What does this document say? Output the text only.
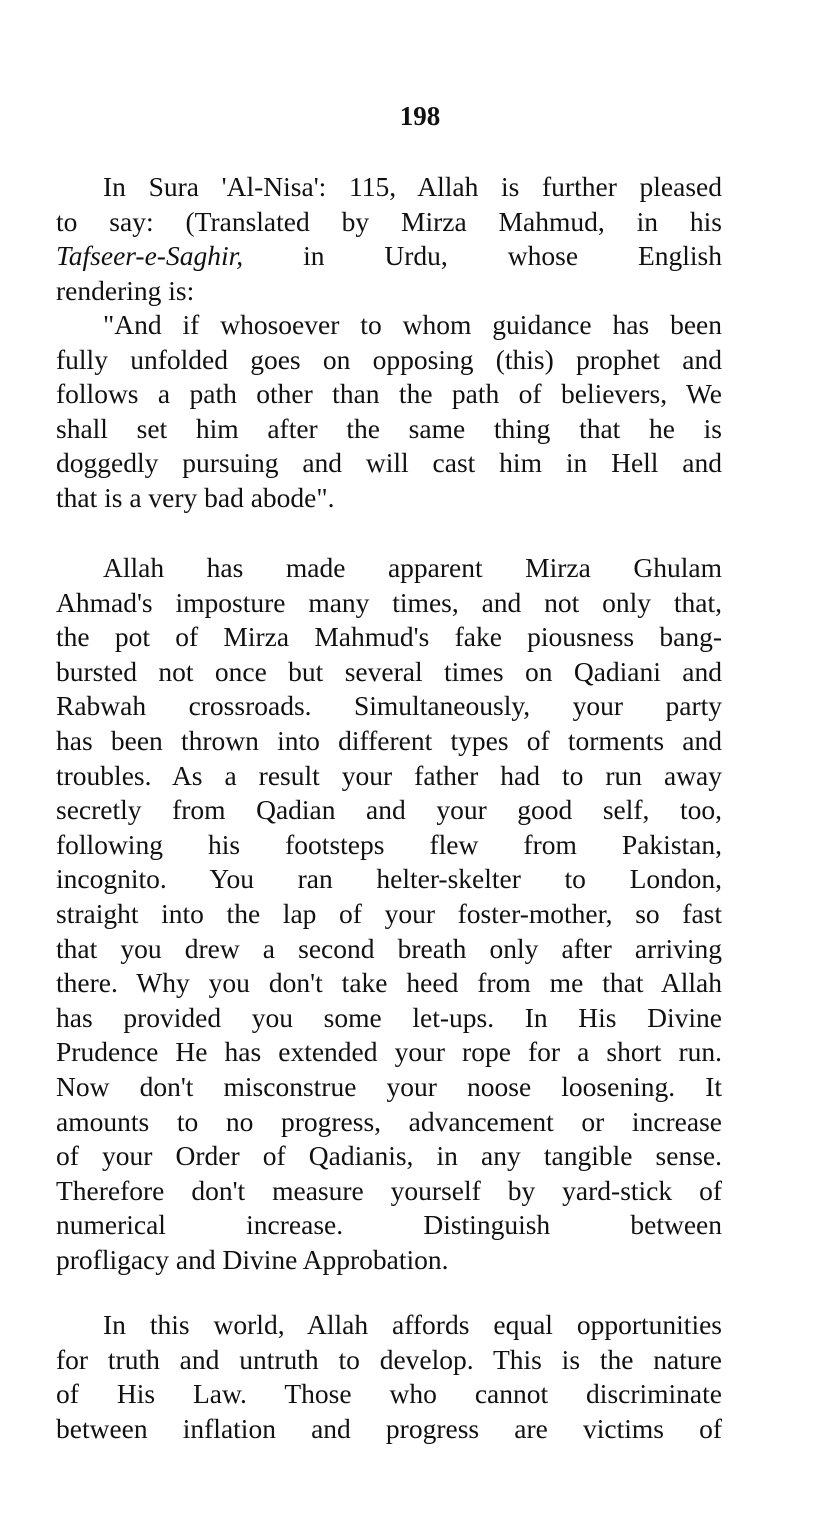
198
In Sura 'Al-Nisa': 115, Allah is further pleased
to say: (Translated by Mirza Mahmud, in his
Tafseer-e-Saghir, in Urdu, whose English
rendering is:
"And if whosoever to whom guidance has been
fully unfolded goes on opposing (this) prophet and
follows a path other than the path of believers, We
shall set him after the same thing that he is
doggedly pursuing and will cast him in Hell and
that is a very bad abode".
Allah has made apparent Mirza Ghulam
Ahmad's imposture many times, and not only that,
the pot of Mirza Mahmud's fake piousness bang-
bursted not once but several times on Qadiani and
Rabwah crossroads. Simultaneously, your party
has been thrown into different types of torments and
troubles. As a result your father had to run away
secretly from Qadian and your good self, too,
following his footsteps flew from Pakistan,
incognito. You ran helter-skelter to London,
straight into the lap of your foster-mother, so fast
that you drew a second breath only after arriving
there. Why you don't take heed from me that Allah
has provided you some let-ups. In His Divine
Prudence He has extended your rope for a short run.
Now don't misconstrue your noose loosening. It
amounts to no progress, advancement or increase
of your Order of Qadianis, in any tangible sense.
Therefore don't measure yourself by yard-stick of
numerical increase. Distinguish between
profligacy and Divine Approbation.
In this world, Allah affords equal opportunities
for truth and untruth to develop. This is the nature
of His Law. Those who cannot discriminate
between inflation and progress are victims of
